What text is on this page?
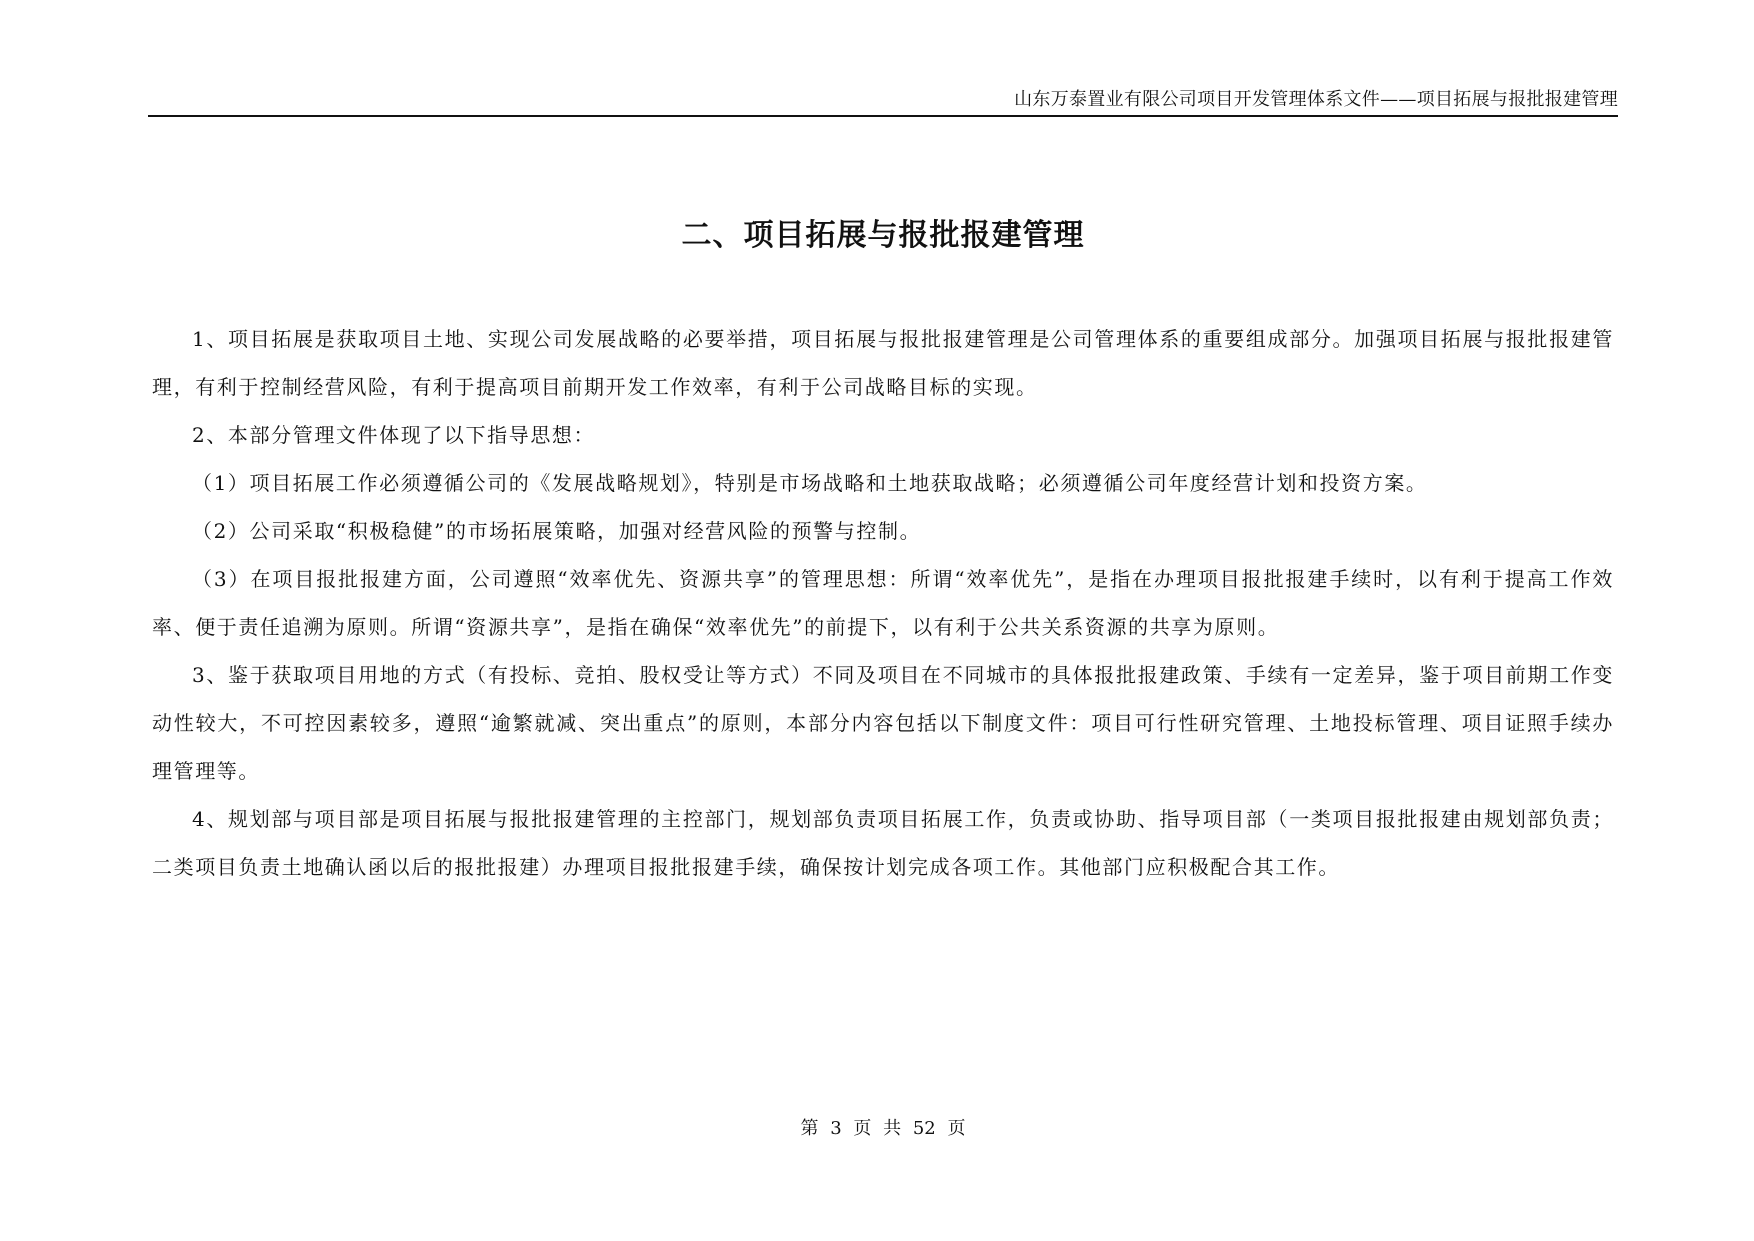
山东万泰置业有限公司项目开发管理体系文件——项目拓展与报批报建管理
二、项目拓展与报批报建管理

1、项目拓展是获取项目土地、实现公司发展战略的必要举措，项目拓展与报批报建管理是公司管理体系的重要组成部分。加强项目拓展与报批报建管理，有利于控制经营风险，有利于提高项目前期开发工作效率，有利于公司战略目标的实现。

2、本部分管理文件体现了以下指导思想：

（1）项目拓展工作必须遵循公司的《发展战略规划》，特别是市场战略和土地获取战略；必须遵循公司年度经营计划和投资方案。

（2）公司采取“积极稳健”的市场拓展策略，加强对经营风险的预警与控制。

（3）在项目报批报建方面，公司遵照“效率优先、资源共享”的管理思想：所谓“效率优先”，是指在办理项目报批报建手续时，以有利于提高工作效率、便于责任追溯为原则。所谓“资源共享”，是指在确保“效率优先”的前提下，以有利于公共关系资源的共享为原则。

3、鉴于获取项目用地的方式（有投标、竞拍、股权受让等方式）不同及项目在不同城市的具体报批报建政策、手续有一定差异，鉴于项目前期工作变动性较大，不可控因素较多，遵照“逾繁就减、突出重点”的原则，本部分内容包括以下制度文件：项目可行性研究管理、土地投标管理、项目证照手续办理管理等。

4、规划部与项目部是项目拓展与报批报建管理的主控部门，规划部负责项目拓展工作，负责或协助、指导项目部（一类项目报批报建由规划部负责；二类项目负责土地确认函以后的报批报建）办理项目报批报建手续，确保按计划完成各项工作。其他部门应积极配合其工作。

第 3 页 共 52 页
